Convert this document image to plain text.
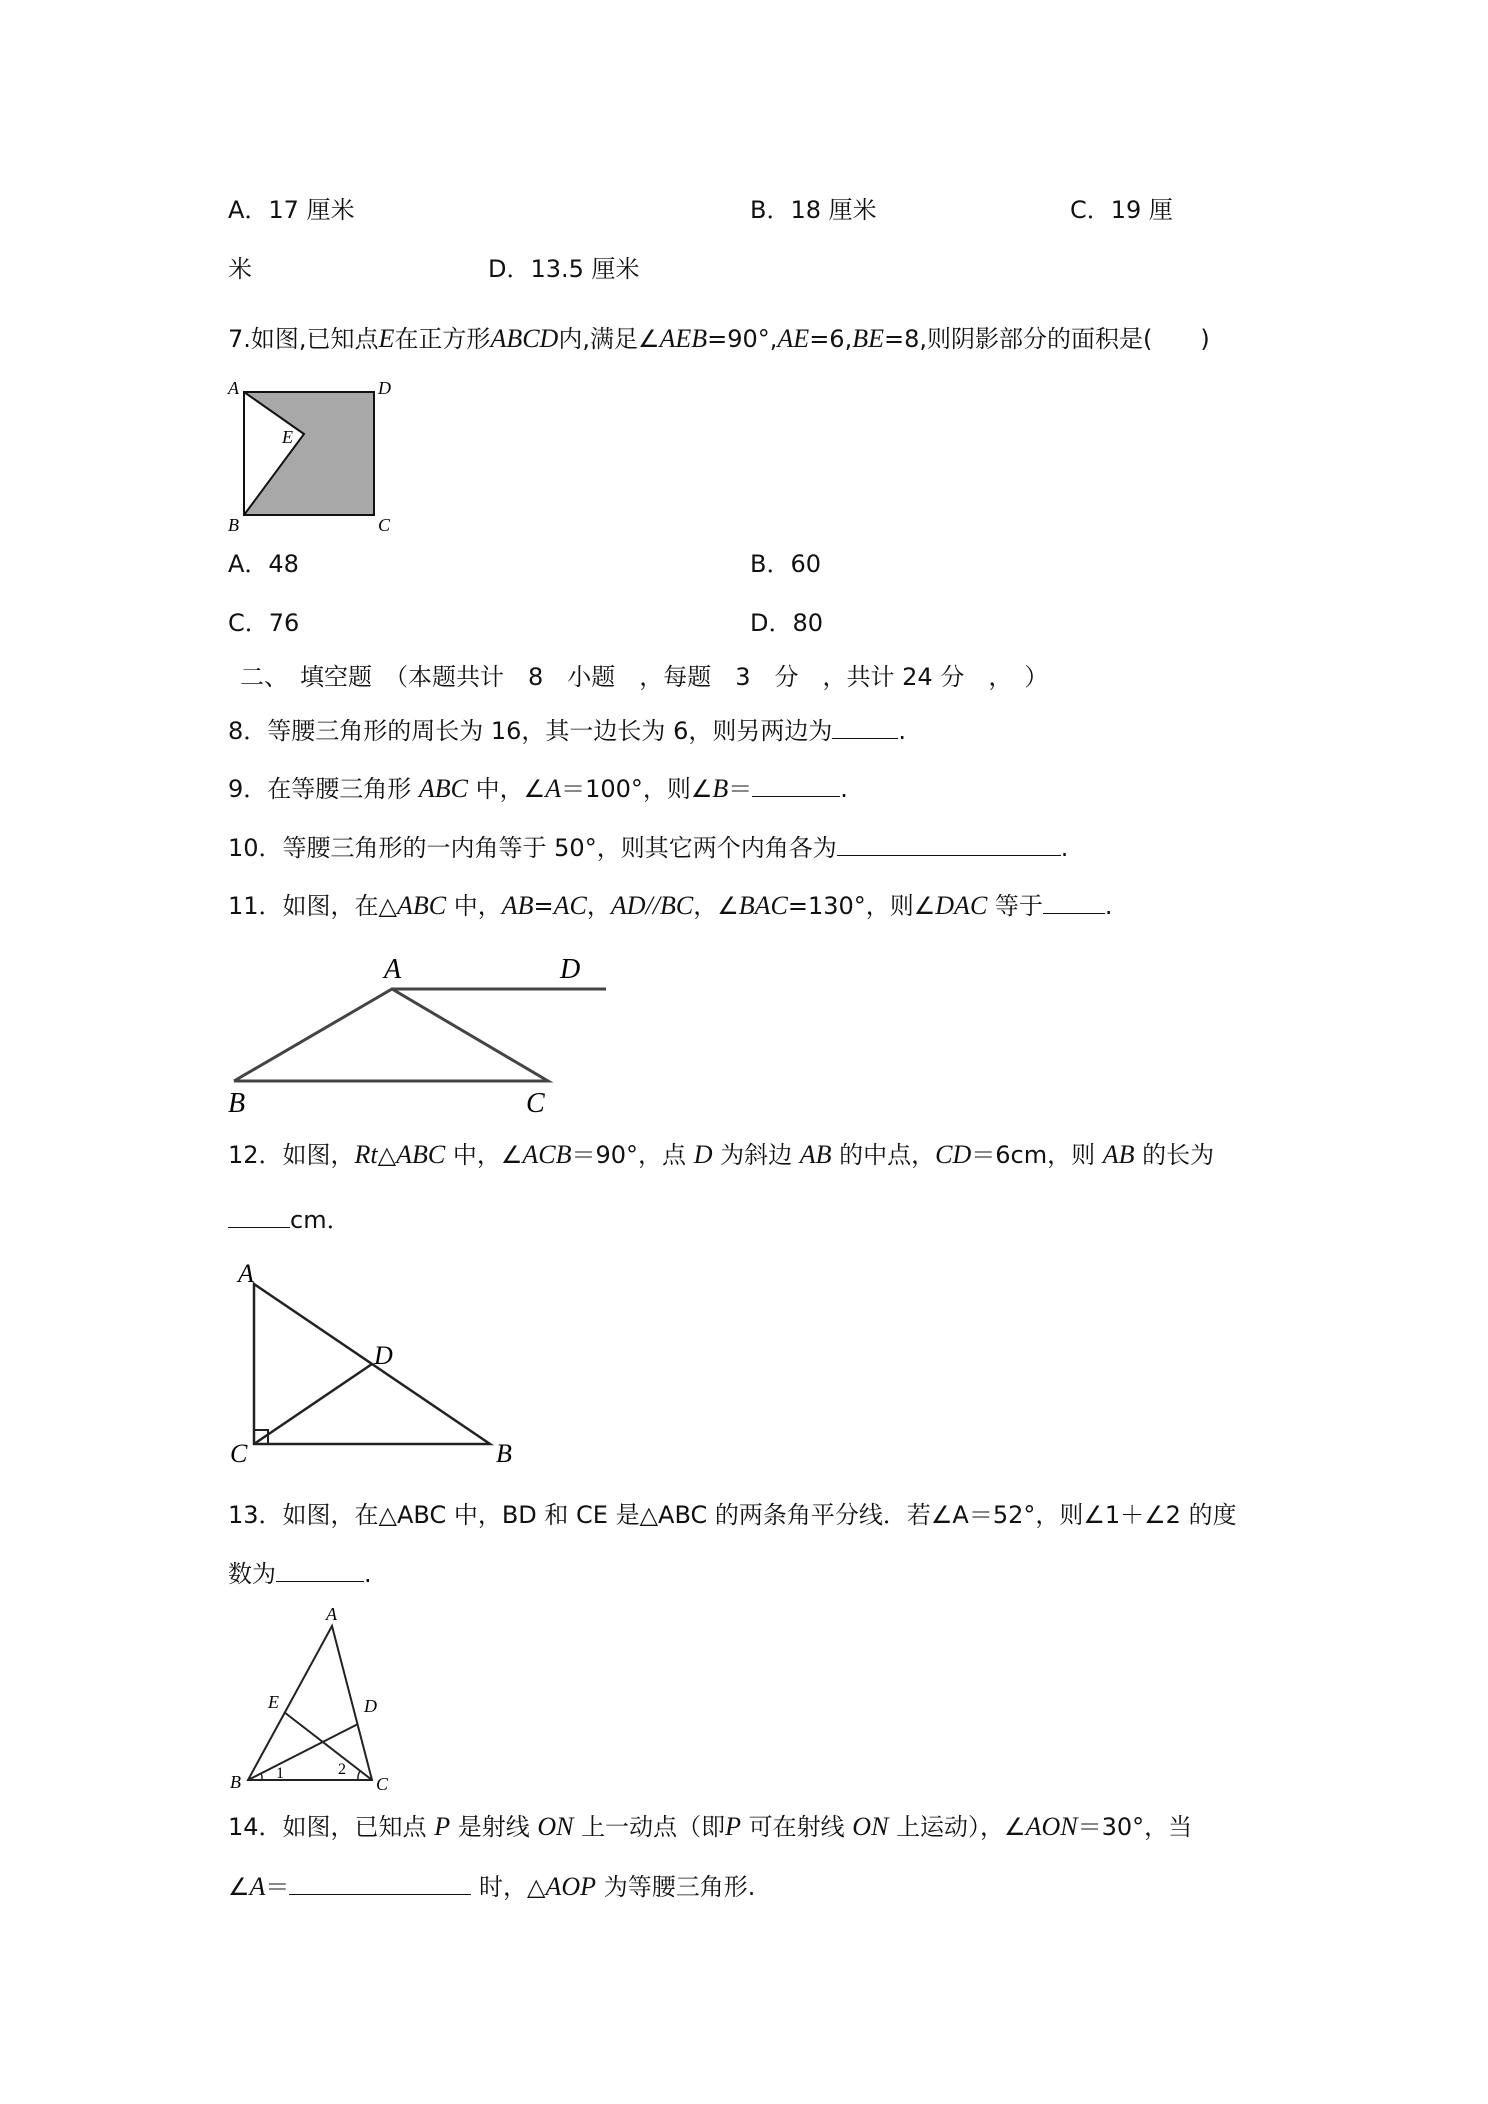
A．17 厘米	B．18 厘米	C．19 厘
米	D．13.5 厘米
7.如图,已知点E在正方形ABCD内,满足∠AEB=90°,AE=6,BE=8,则阴影部分的面积是(　　)
A	D
E
B	C
A．48	B．60
C．76	D．80
二、　填空题　（本题共计　8　小题　，每题　3　分　，共计 24 分　，　）
8．等腰三角形的周长为 16，其一边长为 6，则另两边为	.
9．在等腰三角形 ABC 中，∠A＝100°，则∠B＝	.
10．等腰三角形的一内角等于 50°，则其它两个内角各为	.
11．如图，在△ABC 中，AB=AC，AD//BC，∠BAC=130°，则∠DAC 等于	.
A	D
B	C
12．如图，Rt△ABC 中，∠ACB＝90°，点 D 为斜边 AB 的中点，CD＝6cm，则 AB 的长为
cm．
A
D
C	B
13．如图，在△ABC 中，BD 和 CE 是△ABC 的两条角平分线．若∠A＝52°，则∠1＋∠2 的度
数为	.
A
E	D
B	C
1	2
14．如图，已知点 P 是射线 ON 上一动点（即P 可在射线 ON 上运动），∠AON＝30°，当
∠A＝	时，△AOP 为等腰三角形.
